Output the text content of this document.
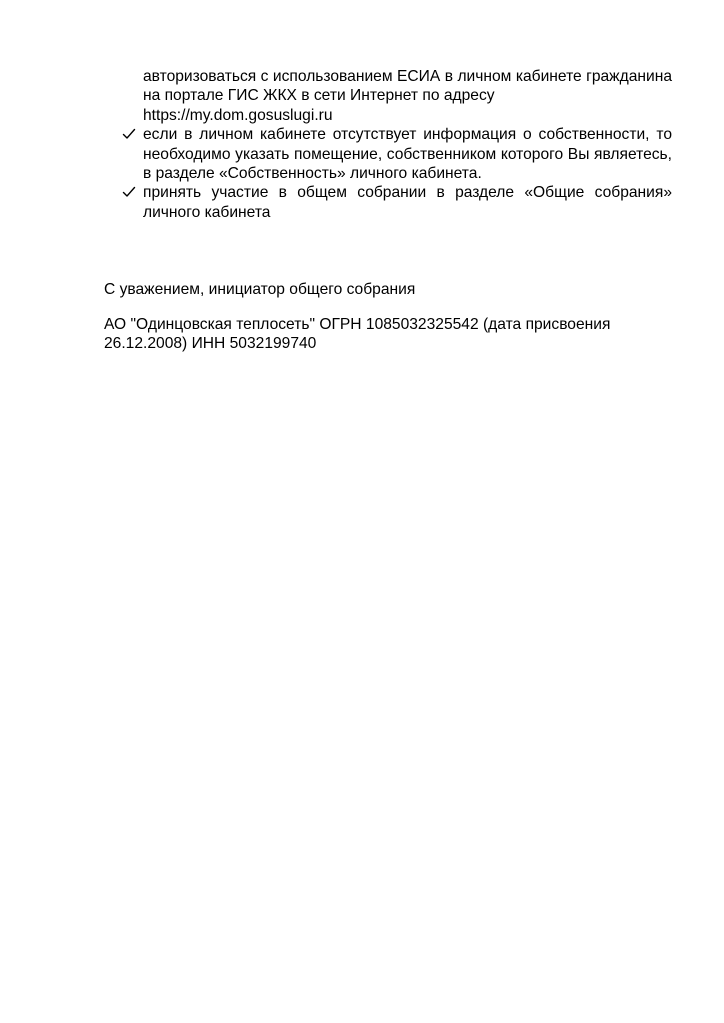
авторизоваться с использованием ЕСИА в личном кабинете гражданина на портале ГИС ЖКХ в сети Интернет по адресу
https://my.dom.gosuslugi.ru
если в личном кабинете отсутствует информация о собственности, то необходимо указать помещение, собственником которого Вы являетесь, в разделе «Собственность» личного кабинета.
принять участие в общем собрании в разделе «Общие собрания» личного кабинета
С уважением, инициатор общего собрания
АО "Одинцовская теплосеть" ОГРН 1085032325542 (дата присвоения 26.12.2008) ИНН 5032199740
